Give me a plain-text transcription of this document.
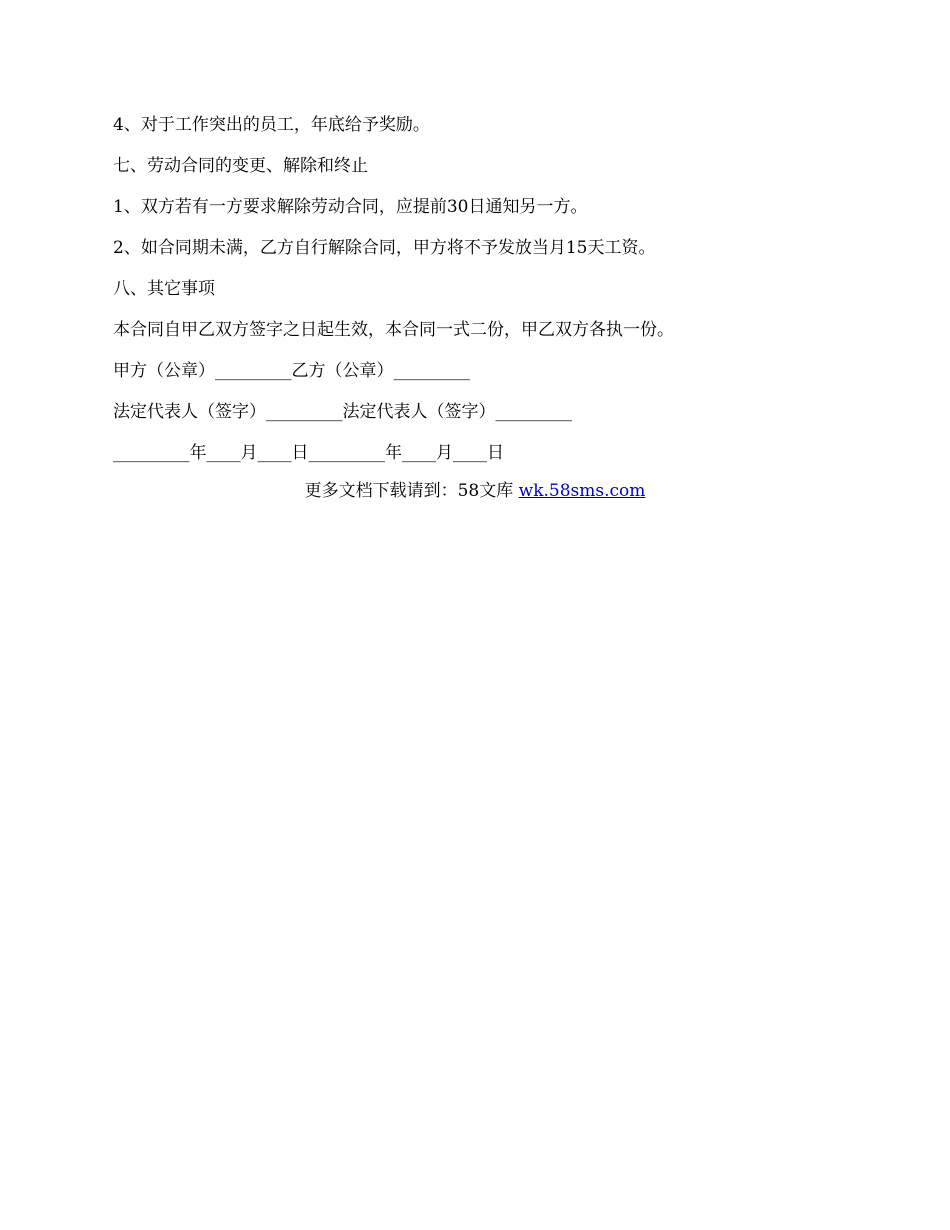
4、对于工作突出的员工，年底给予奖励。

七、劳动合同的变更、解除和终止

1、双方若有一方要求解除劳动合同，应提前30日通知另一方。

2、如合同期未满，乙方自行解除合同，甲方将不予发放当月15天工资。

八、其它事项

本合同自甲乙双方签字之日起生效，本合同一式二份，甲乙双方各执一份。

甲方（公章）_________乙方（公章）_________

法定代表人（签字）_________法定代表人（签字）_________

_________年____月____日_________年____月____日

更多文档下载请到：58文库 wk.58sms.com
